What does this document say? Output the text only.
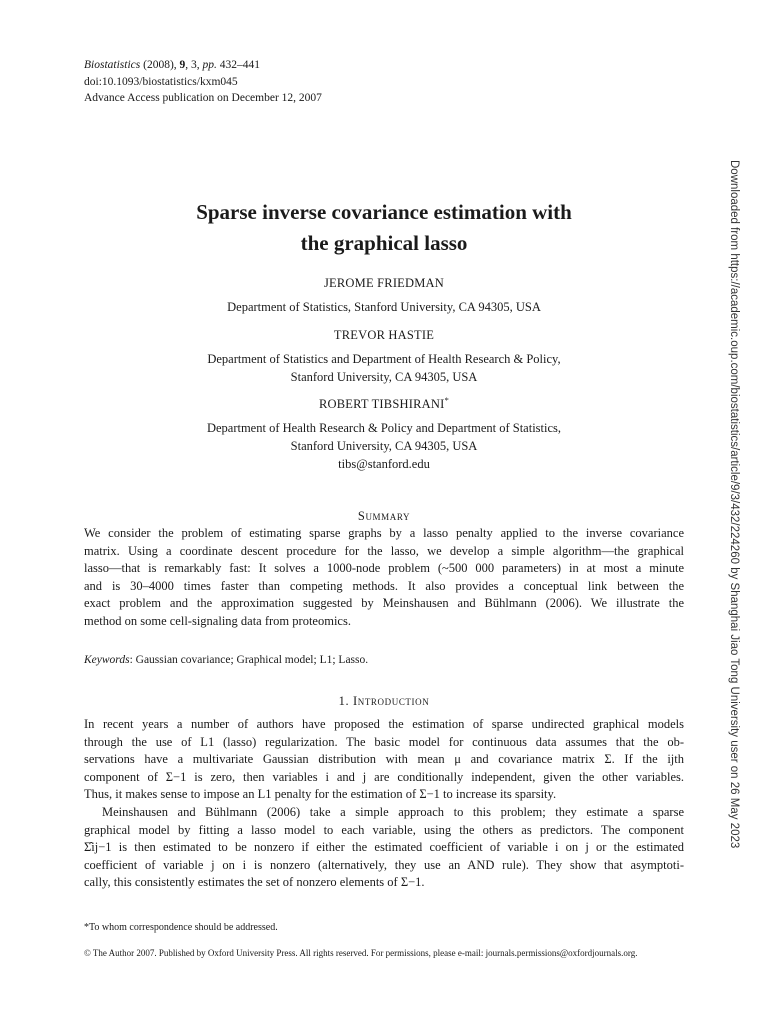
Biostatistics (2008), 9, 3, pp. 432–441
doi:10.1093/biostatistics/kxm045
Advance Access publication on December 12, 2007
Downloaded from https://academic.oup.com/biostatistics/article/9/3/432/224260 by Shanghai Jiao Tong University user on 26 May 2023
Sparse inverse covariance estimation with
the graphical lasso
JEROME FRIEDMAN
Department of Statistics, Stanford University, CA 94305, USA
TREVOR HASTIE
Department of Statistics and Department of Health Research & Policy,
Stanford University, CA 94305, USA
ROBERT TIBSHIRANI*
Department of Health Research & Policy and Department of Statistics,
Stanford University, CA 94305, USA
tibs@stanford.edu
Summary
We consider the problem of estimating sparse graphs by a lasso penalty applied to the inverse covariance
matrix. Using a coordinate descent procedure for the lasso, we develop a simple algorithm—the graphical
lasso—that is remarkably fast: It solves a 1000-node problem (~500 000 parameters) in at most a minute
and is 30–4000 times faster than competing methods. It also provides a conceptual link between the
exact problem and the approximation suggested by Meinshausen and Bühlmann (2006). We illustrate the
method on some cell-signaling data from proteomics.
Keywords: Gaussian covariance; Graphical model; L1; Lasso.
1. Introduction
In recent years a number of authors have proposed the estimation of sparse undirected graphical models
through the use of L1 (lasso) regularization. The basic model for continuous data assumes that the ob-
servations have a multivariate Gaussian distribution with mean μ and covariance matrix Σ. If the ijth
component of Σ−1 is zero, then variables i and j are conditionally independent, given the other variables.
Thus, it makes sense to impose an L1 penalty for the estimation of Σ−1 to increase its sparsity.
Meinshausen and Bühlmann (2006) take a simple approach to this problem; they estimate a sparse
graphical model by fitting a lasso model to each variable, using the others as predictors. The component
Σ̂ij−1 is then estimated to be nonzero if either the estimated coefficient of variable i on j or the estimated
coefficient of variable j on i is nonzero (alternatively, they use an AND rule). They show that asymptoti-
cally, this consistently estimates the set of nonzero elements of Σ−1.
*To whom correspondence should be addressed.
© The Author 2007. Published by Oxford University Press. All rights reserved. For permissions, please e-mail: journals.permissions@oxfordjournals.org.
